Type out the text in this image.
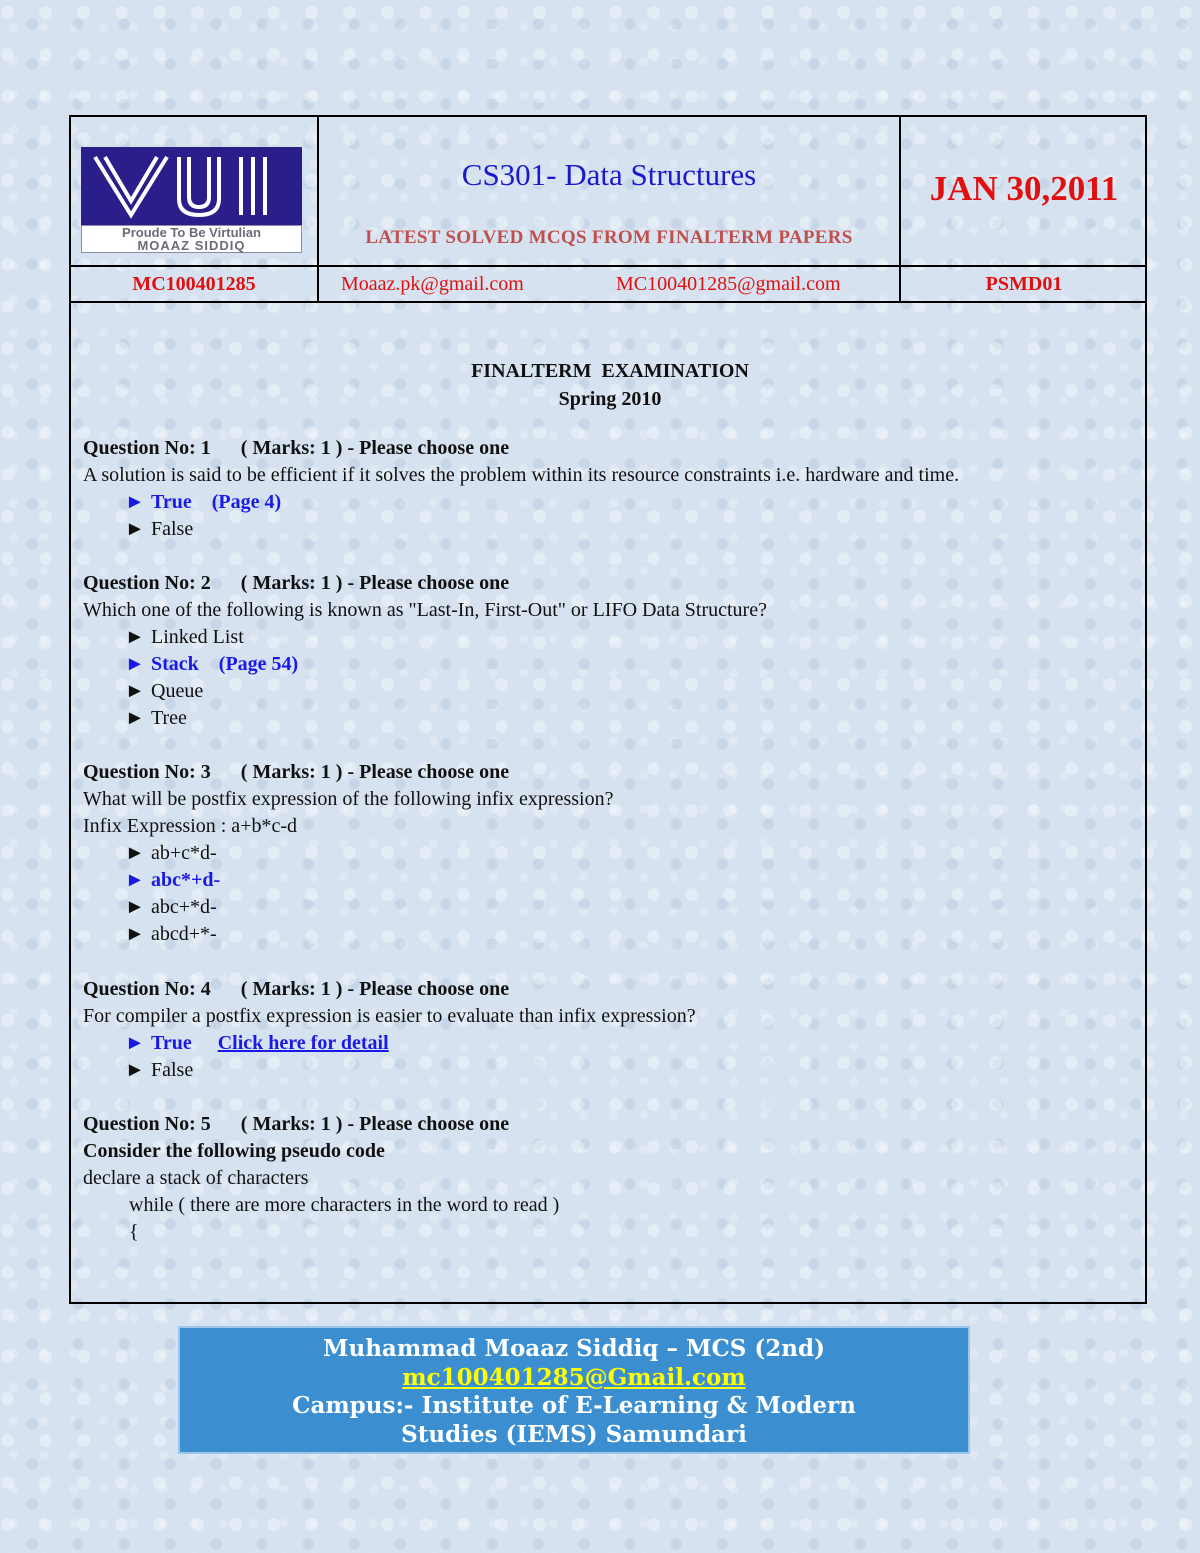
Proude To Be Virtulian
MOAAZ SIDDIQ
CS301- Data Structures
LATEST SOLVED MCQS FROM FINALTERM PAPERS
JAN 30,2011
MC100401285	Moaaz.pk@gmail.com	MC100401285@gmail.com	PSMD01
FINALTERM  EXAMINATION
Spring 2010
Question No: 1 ( Marks: 1 ) - Please choose one
A solution is said to be efficient if it solves the problem within its resource constraints i.e. hardware and time.
► True (Page 4)
► False
Question No: 2 ( Marks: 1 ) - Please choose one
Which one of the following is known as "Last-In, First-Out" or LIFO Data Structure?
► Linked List
► Stack (Page 54)
► Queue
► Tree
Question No: 3 ( Marks: 1 ) - Please choose one
What will be postfix expression of the following infix expression?
Infix Expression : a+b*c-d
► ab+c*d-
► abc*+d-
► abc+*d-
► abcd+*-
Question No: 4 ( Marks: 1 ) - Please choose one
For compiler a postfix expression is easier to evaluate than infix expression?
► True Click here for detail
► False
Question No: 5 ( Marks: 1 ) - Please choose one
Consider the following pseudo code
declare a stack of characters
while ( there are more characters in the word to read )
{
Muhammad Moaaz Siddiq – MCS (2nd)
mc100401285@Gmail.com
Campus:- Institute of E-Learning & Modern
Studies (IEMS) Samundari
